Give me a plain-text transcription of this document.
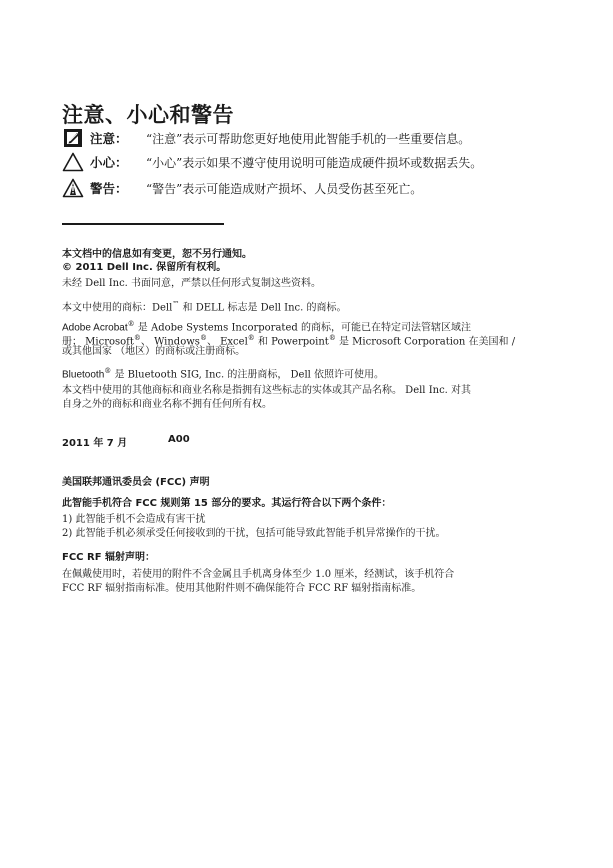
注意、小心和警告
注意：	“注意”表示可帮助您更好地使用此智能手机的一些重要信息。
小心：	“小心”表示如果不遵守使用说明可能造成硬件损坏或数据丢失。
警告：	“警告”表示可能造成财产损坏、人员受伤甚至死亡。
本文档中的信息如有变更，恕不另行通知。
© 2011 Dell Inc. 保留所有权利。
未经 Dell Inc. 书面同意，严禁以任何形式复制这些资料。
本文中使用的商标：Dell™ 和 DELL 标志是 Dell Inc. 的商标。
Adobe Acrobat® 是 Adobe Systems Incorporated 的商标，可能已在特定司法管辖区域注
册； Microsoft®、 Windows®、 Excel® 和 Powerpoint® 是 Microsoft Corporation 在美国和 /
或其他国家 （地区）的商标或注册商标。
Bluetooth® 是 Bluetooth SIG, Inc. 的注册商标， Dell 依照许可使用。
本文档中使用的其他商标和商业名称是指拥有这些标志的实体或其产品名称。 Dell Inc. 对其
自身之外的商标和商业名称不拥有任何所有权。
2011 年 7 月	A00
美国联邦通讯委员会 (FCC) 声明
此智能手机符合 FCC 规则第 15 部分的要求。其运行符合以下两个条件：
1) 此智能手机不会造成有害干扰
2) 此智能手机必须承受任何接收到的干扰，包括可能导致此智能手机异常操作的干扰。
FCC RF 辐射声明：
在佩戴使用时，若使用的附件不含金属且手机离身体至少 1.0 厘米，经测试，该手机符合
FCC RF 辐射指南标准。使用其他附件则不确保能符合 FCC RF 辐射指南标准。
